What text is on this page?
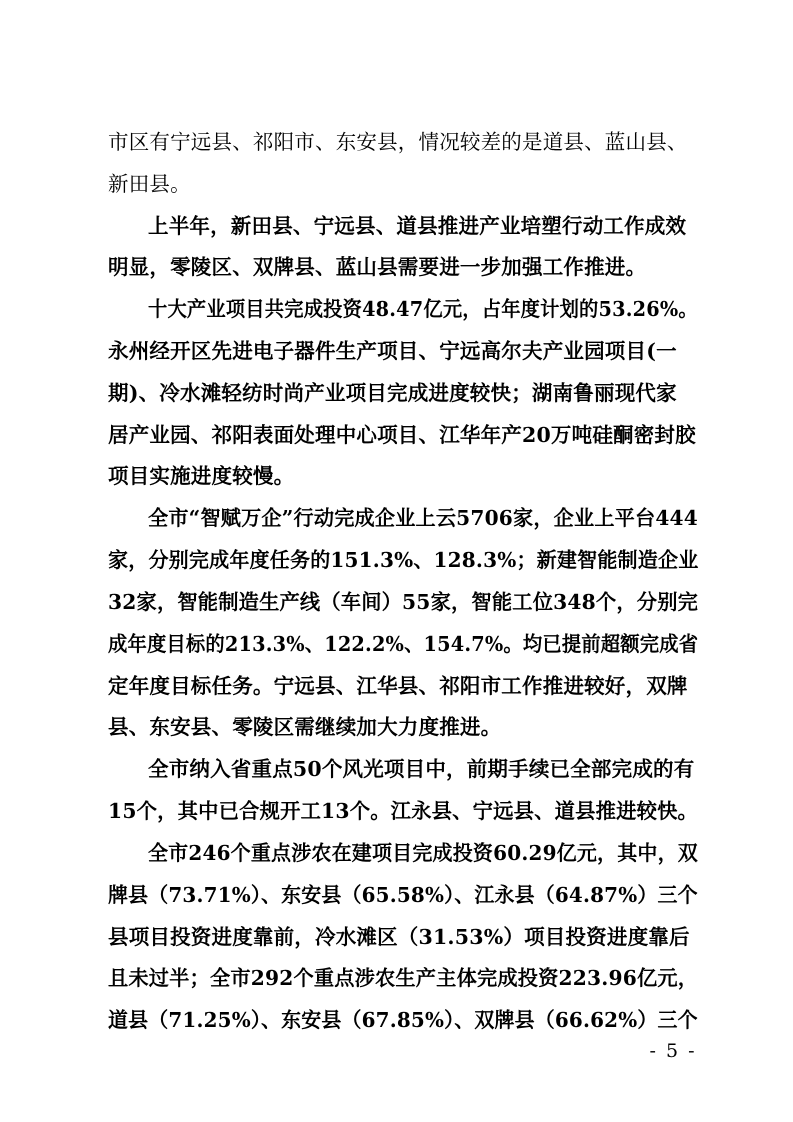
市区有宁远县、祁阳市、东安县，情况较差的是道县、蓝山县、
新田县。
上半年，新田县、宁远县、道县推进产业培塑行动工作成效
明显，零陵区、双牌县、蓝山县需要进一步加强工作推进。
十大产业项目共完成投资48.47亿元，占年度计划的53.26%。
永州经开区先进电子器件生产项目、宁远高尔夫产业园项目(一
期)、冷水滩轻纺时尚产业项目完成进度较快；湖南鲁丽现代家
居产业园、祁阳表面处理中心项目、江华年产20万吨硅酮密封胶
项目实施进度较慢。
全市“智赋万企”行动完成企业上云5706家，企业上平台444
家，分别完成年度任务的151.3%、128.3%；新建智能制造企业
32家，智能制造生产线（车间）55家，智能工位348个，分别完
成年度目标的213.3%、122.2%、154.7%。均已提前超额完成省
定年度目标任务。宁远县、江华县、祁阳市工作推进较好，双牌
县、东安县、零陵区需继续加大力度推进。
全市纳入省重点50个风光项目中，前期手续已全部完成的有
15个，其中已合规开工13个。江永县、宁远县、道县推进较快。
全市246个重点涉农在建项目完成投资60.29亿元，其中，双
牌县（73.71%）、东安县（65.58%）、江永县（64.87%）三个
县项目投资进度靠前，冷水滩区（31.53%）项目投资进度靠后
且未过半；全市292个重点涉农生产主体完成投资223.96亿元，
道县（71.25%）、东安县（67.85%）、双牌县（66.62%）三个
- 5 -
